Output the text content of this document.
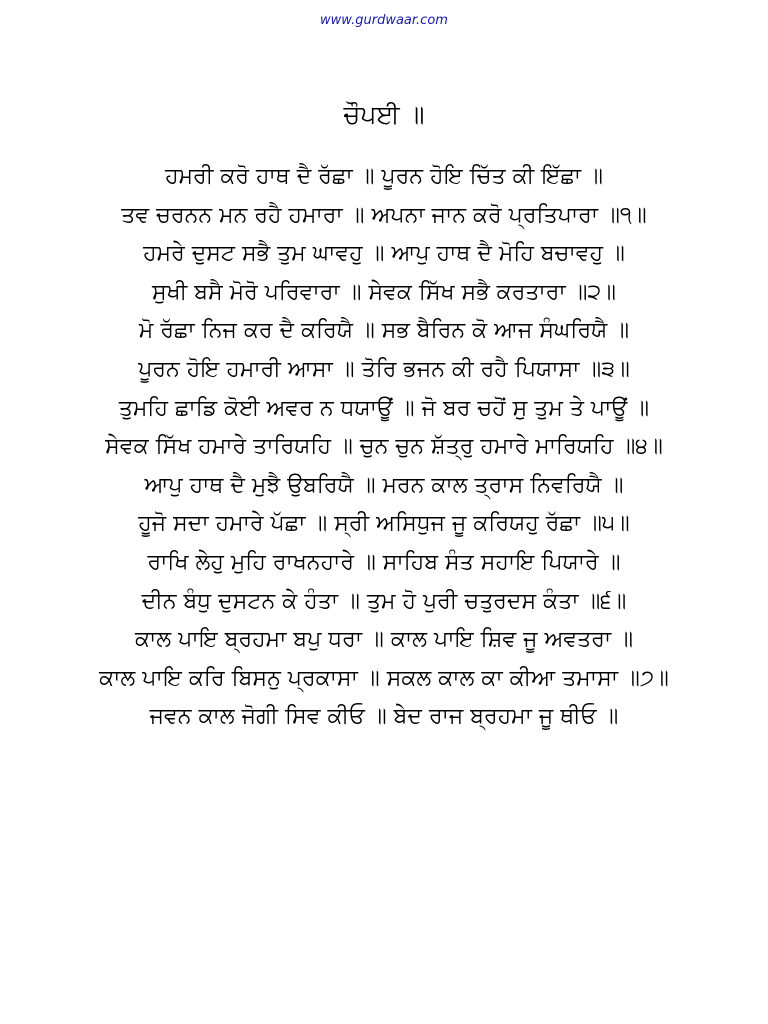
www.gurdwaar.com
ਚੌਪਈ ॥
ਹਮਰੀ ਕਰੋ ਹਾਥ ਦੈ ਰੱਛਾ ॥ ਪੂਰਨ ਹੋਇ ਚਿੱਤ ਕੀ ਇੱਛਾ ॥
ਤਵ ਚਰਨਨ ਮਨ ਰਹੈ ਹਮਾਰਾ ॥ ਅਪਨਾ ਜਾਨ ਕਰੋ ਪ੍ਰਤਿਪਾਰਾ ॥੧॥
ਹਮਰੇ ਦੁਸਟ ਸਭੈ ਤੁਮ ਘਾਵਹੁ ॥ ਆਪੁ ਹਾਥ ਦੈ ਮੋਹਿ ਬਚਾਵਹੁ ॥
ਸੁਖੀ ਬਸੈ ਮੋਰੋ ਪਰਿਵਾਰਾ ॥ ਸੇਵਕ ਸਿੱਖ ਸਭੈ ਕਰਤਾਰਾ ॥੨॥
ਮੋ ਰੱਛਾ ਨਿਜ ਕਰ ਦੈ ਕਰਿਯੈ ॥ ਸਭ ਬੈਰਿਨ ਕੋ ਆਜ ਸੰਘਰਿਯੈ ॥
ਪੂਰਨ ਹੋਇ ਹਮਾਰੀ ਆਸਾ ॥ ਤੋਰਿ ਭਜਨ ਕੀ ਰਹੈ ਪਿਯਾਸਾ ॥੩॥
ਤੁਮਹਿ ਛਾਡਿ ਕੋਈ ਅਵਰ ਨ ਧਯਾਊਂ ॥ ਜੋ ਬਰ ਚਹੋਂ ਸੁ ਤੁਮ ਤੇ ਪਾਊਂ ॥
ਸੇਵਕ ਸਿੱਖ ਹਮਾਰੇ ਤਾਰਿਯਹਿ ॥ ਚੁਨ ਚੁਨ ਸ਼ੱਤ੍ਰੁ ਹਮਾਰੇ ਮਾਰਿਯਹਿ ॥੪॥
ਆਪੁ ਹਾਥ ਦੈ ਮੁਝੈ ਉਬਰਿਯੈ ॥ ਮਰਨ ਕਾਲ ਤ੍ਰਾਸ ਨਿਵਰਿਯੈ ॥
ਹੂਜੋ ਸਦਾ ਹਮਾਰੇ ਪੱਛਾ ॥ ਸ੍ਰੀ ਅਸਿਧੁਜ ਜੂ ਕਰਿਯਹੁ ਰੱਛਾ ॥੫॥
ਰਾਖਿ ਲੇਹੁ ਮੁਹਿ ਰਾਖਨਹਾਰੇ ॥ ਸਾਹਿਬ ਸੰਤ ਸਹਾਇ ਪਿਯਾਰੇ ॥
ਦੀਨ ਬੰਧੁ ਦੁਸਟਨ ਕੇ ਹੰਤਾ ॥ ਤੁਮ ਹੋ ਪੁਰੀ ਚਤੁਰਦਸ ਕੰਤਾ ॥੬॥
ਕਾਲ ਪਾਇ ਬ੍ਰਹਮਾ ਬਪੁ ਧਰਾ ॥ ਕਾਲ ਪਾਇ ਸ਼ਿਵ ਜੂ ਅਵਤਰਾ ॥
ਕਾਲ ਪਾਇ ਕਰਿ ਬਿਸਨੁ ਪ੍ਰਕਾਸਾ ॥ ਸਕਲ ਕਾਲ ਕਾ ਕੀਆ ਤਮਾਸਾ ॥੭॥
ਜਵਨ ਕਾਲ ਜੋਗੀ ਸਿਵ ਕੀਓ ॥ ਬੇਦ ਰਾਜ ਬ੍ਰਹਮਾ ਜੂ ਥੀਓ ॥
